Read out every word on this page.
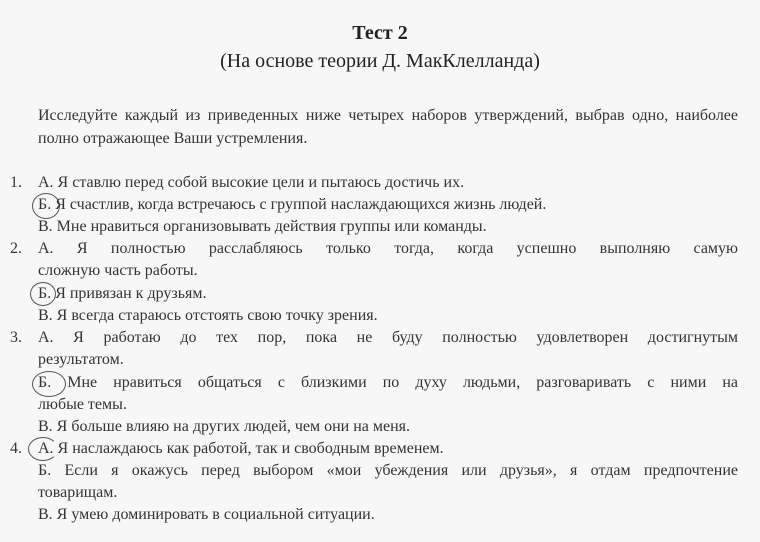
Тест 2
(На основе теории Д. МакКлелланда)
Исследуйте каждый из приведенных ниже четырех наборов утверждений, выбрав одно, наиболее полно отражающее Ваши устремления.
1. А. Я ставлю перед собой высокие цели и пытаюсь достичь их.
Б. Я счастлив, когда встречаюсь с группой наслаждающихся жизнь людей.
В. Мне нравиться организовывать действия группы или команды.
2. А. Я полностью расслабляюсь только тогда, когда успешно выполняю самую
сложную часть работы.
Б. Я привязан к друзьям.
В. Я всегда стараюсь отстоять свою точку зрения.
3. А. Я работаю до тех пор, пока не буду полностью удовлетворен достигнутым
результатом.
Б. Мне нравиться общаться с близкими по духу людьми, разговаривать с ними на
любые темы.
В. Я больше влияю на других людей, чем они на меня.
4. А. Я наслаждаюсь как работой, так и свободным временем.
Б. Если я окажусь перед выбором «мои убеждения или друзья», я отдам предпочтение
товарищам.
В. Я умею доминировать в социальной ситуации.
